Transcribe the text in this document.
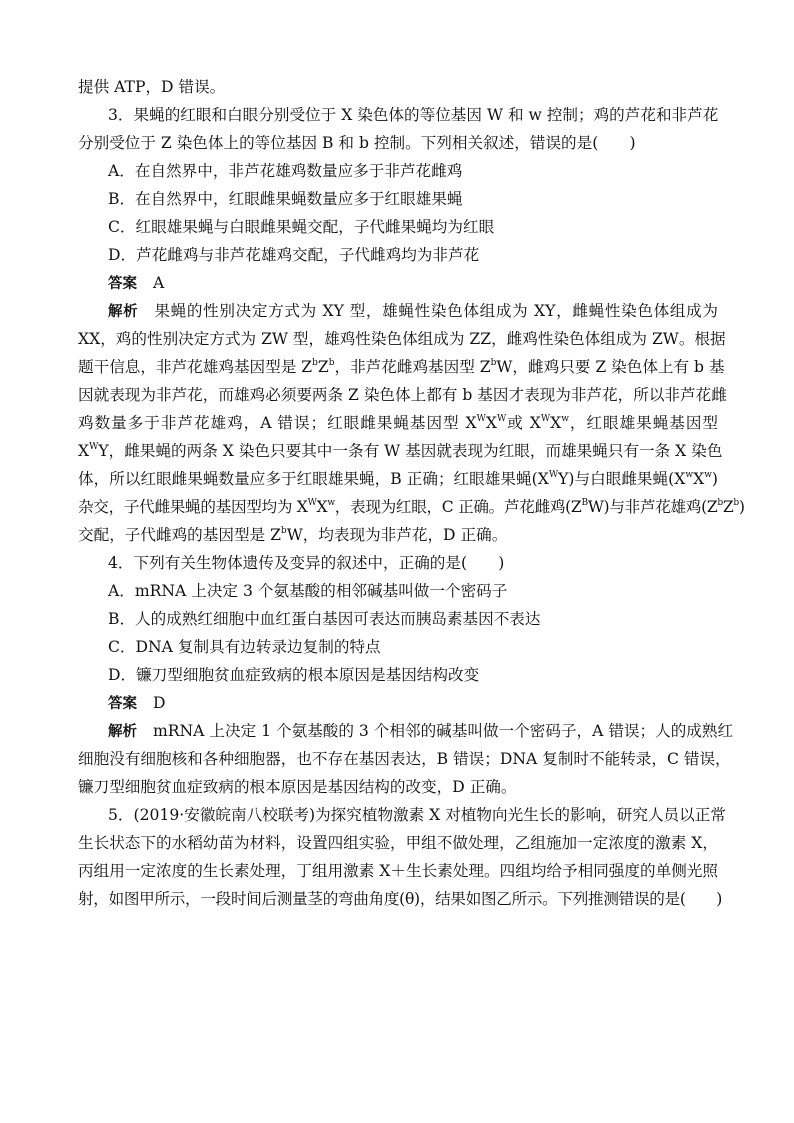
提供 ATP，D 错误。
3．果蝇的红眼和白眼分别受位于 X 染色体的等位基因 W 和 w 控制；鸡的芦花和非芦花
分别受位于 Z 染色体上的等位基因 B 和 b 控制。下列相关叙述，错误的是(　　)
A．在自然界中，非芦花雄鸡数量应多于非芦花雌鸡
B．在自然界中，红眼雌果蝇数量应多于红眼雄果蝇
C．红眼雄果蝇与白眼雌果蝇交配，子代雌果蝇均为红眼
D．芦花雌鸡与非芦花雄鸡交配，子代雌鸡均为非芦花
答案 A
解析 果蝇的性别决定方式为 XY 型，雄蝇性染色体组成为 XY，雌蝇性染色体组成为
XX，鸡的性别决定方式为 ZW 型，雄鸡性染色体组成为 ZZ，雌鸡性染色体组成为 ZW。根据
题干信息，非芦花雄鸡基因型是 $Z^bZ^b$，非芦花雌鸡基因型 $Z^bW$，雌鸡只要 Z 染色体上有 b 基
因就表现为非芦花，而雄鸡必须要两条 Z 染色体上都有 b 基因才表现为非芦花，所以非芦花雌
鸡数量多于非芦花雄鸡，A 错误；红眼雌果蝇基因型 $X^WX^W$或 $X^WX^w$，红眼雄果蝇基因型
$X^WY$，雌果蝇的两条 X 染色只要其中一条有 W 基因就表现为红眼，而雄果蝇只有一条 X 染色
体，所以红眼雌果蝇数量应多于红眼雄果蝇，B 正确；红眼雄果蝇$(X^WY)$与白眼雌果蝇$(X^wX^w)$
杂交，子代雌果蝇的基因型均为 $X^WX^w$，表现为红眼，C 正确。芦花雌鸡$(Z^BW)$与非芦花雄鸡$(Z^bZ^b)$
交配，子代雌鸡的基因型是 $Z^bW$，均表现为非芦花，D 正确。
4．下列有关生物体遗传及变异的叙述中，正确的是(　　)
A．mRNA 上决定 3 个氨基酸的相邻碱基叫做一个密码子
B．人的成熟红细胞中血红蛋白基因可表达而胰岛素基因不表达
C．DNA 复制具有边转录边复制的特点
D．镰刀型细胞贫血症致病的根本原因是基因结构改变
答案 D
解析 mRNA 上决定 1 个氨基酸的 3 个相邻的碱基叫做一个密码子，A 错误；人的成熟红
细胞没有细胞核和各种细胞器，也不存在基因表达，B 错误；DNA 复制时不能转录，C 错误，
镰刀型细胞贫血症致病的根本原因是基因结构的改变，D 正确。
5．(2019·安徽皖南八校联考)为探究植物激素 X 对植物向光生长的影响，研究人员以正常
生长状态下的水稻幼苗为材料，设置四组实验，甲组不做处理，乙组施加一定浓度的激素 X，
丙组用一定浓度的生长素处理，丁组用激素 X＋生长素处理。四组均给予相同强度的单侧光照
射，如图甲所示，一段时间后测量茎的弯曲角度(θ)，结果如图乙所示。下列推测错误的是(　　)
